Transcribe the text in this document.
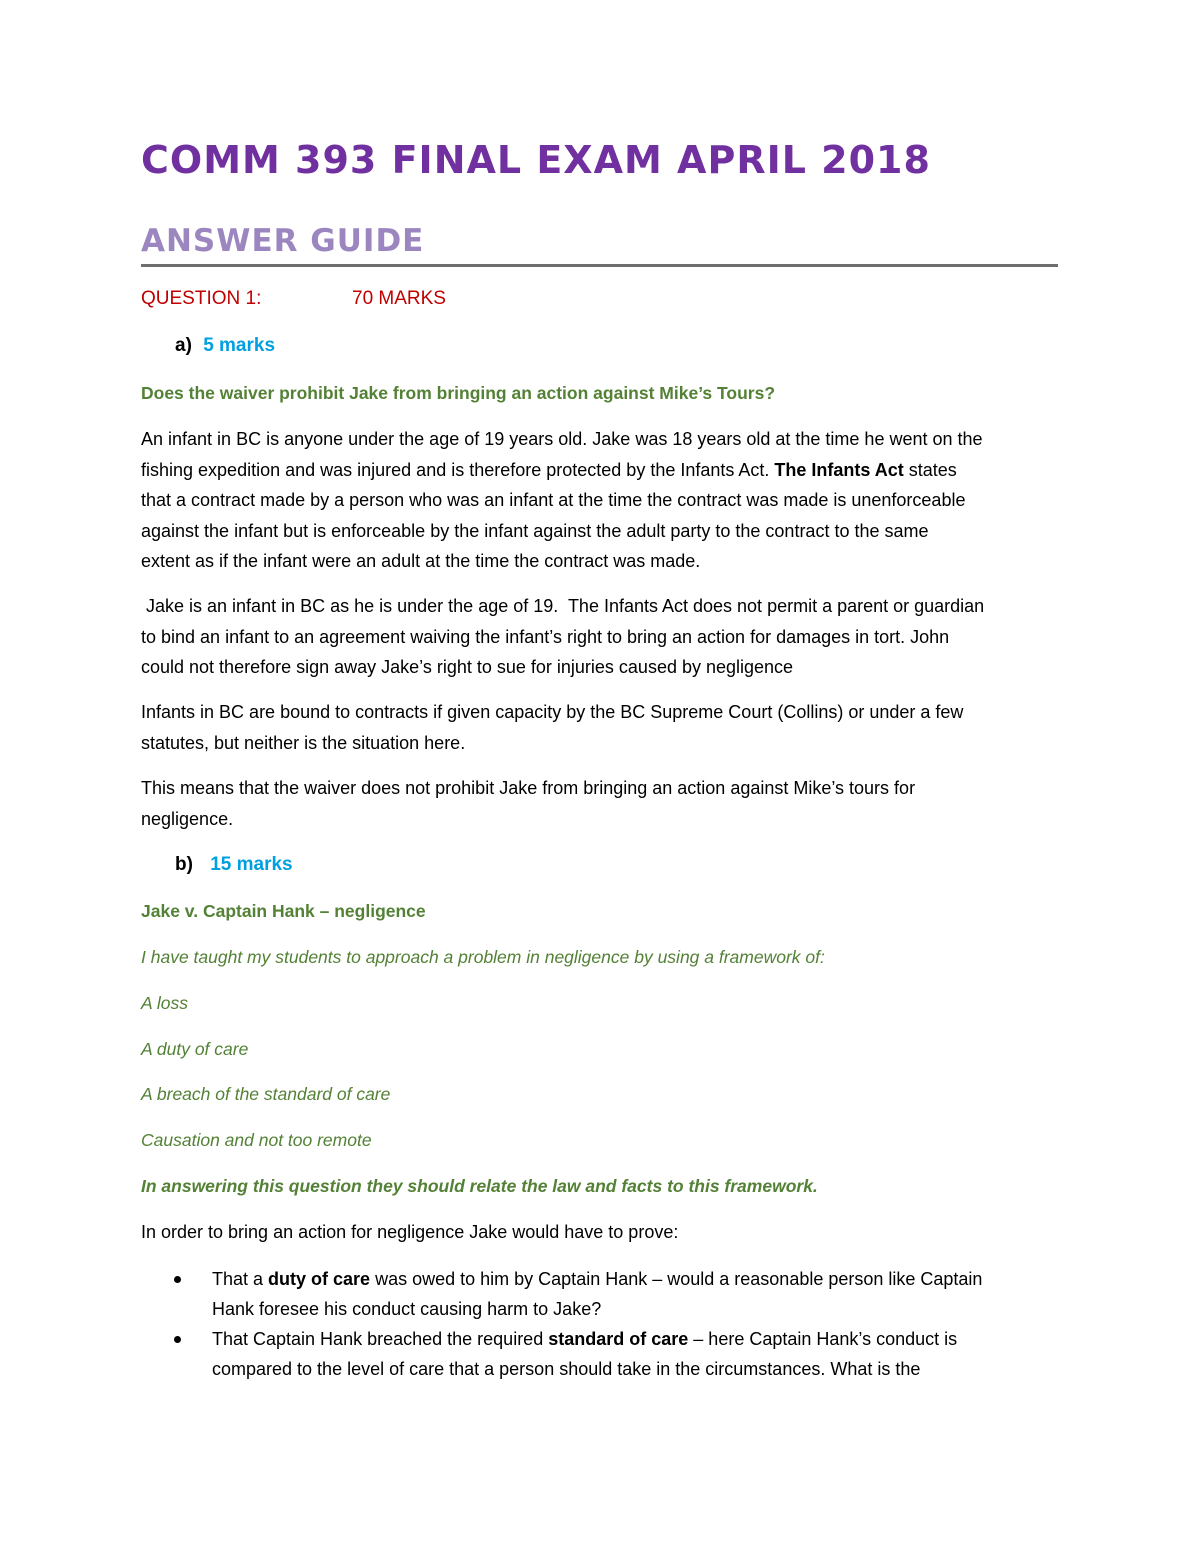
COMM 393 FINAL EXAM APRIL 2018
ANSWER GUIDE

QUESTION 1:	70 MARKS

a) 5 marks

Does the waiver prohibit Jake from bringing an action against Mike’s Tours?

An infant in BC is anyone under the age of 19 years old. Jake was 18 years old at the time he went on the
fishing expedition and was injured and is therefore protected by the Infants Act. The Infants Act states
that a contract made by a person who was an infant at the time the contract was made is unenforceable
against the infant but is enforceable by the infant against the adult party to the contract to the same
extent as if the infant were an adult at the time the contract was made.
Jake is an infant in BC as he is under the age of 19.  The Infants Act does not permit a parent or guardian
to bind an infant to an agreement waiving the infant’s right to bring an action for damages in tort. John
could not therefore sign away Jake’s right to sue for injuries caused by negligence
Infants in BC are bound to contracts if given capacity by the BC Supreme Court (Collins) or under a few
statutes, but neither is the situation here.
This means that the waiver does not prohibit Jake from bringing an action against Mike’s tours for
negligence.

b) 15 marks

Jake v. Captain Hank – negligence

I have taught my students to approach a problem in negligence by using a framework of:

A loss

A duty of care

A breach of the standard of care

Causation and not too remote

In answering this question they should relate the law and facts to this framework.

In order to bring an action for negligence Jake would have to prove:

That a duty of care was owed to him by Captain Hank – would a reasonable person like Captain
Hank foresee his conduct causing harm to Jake?
That Captain Hank breached the required standard of care – here Captain Hank’s conduct is
compared to the level of care that a person should take in the circumstances. What is the
